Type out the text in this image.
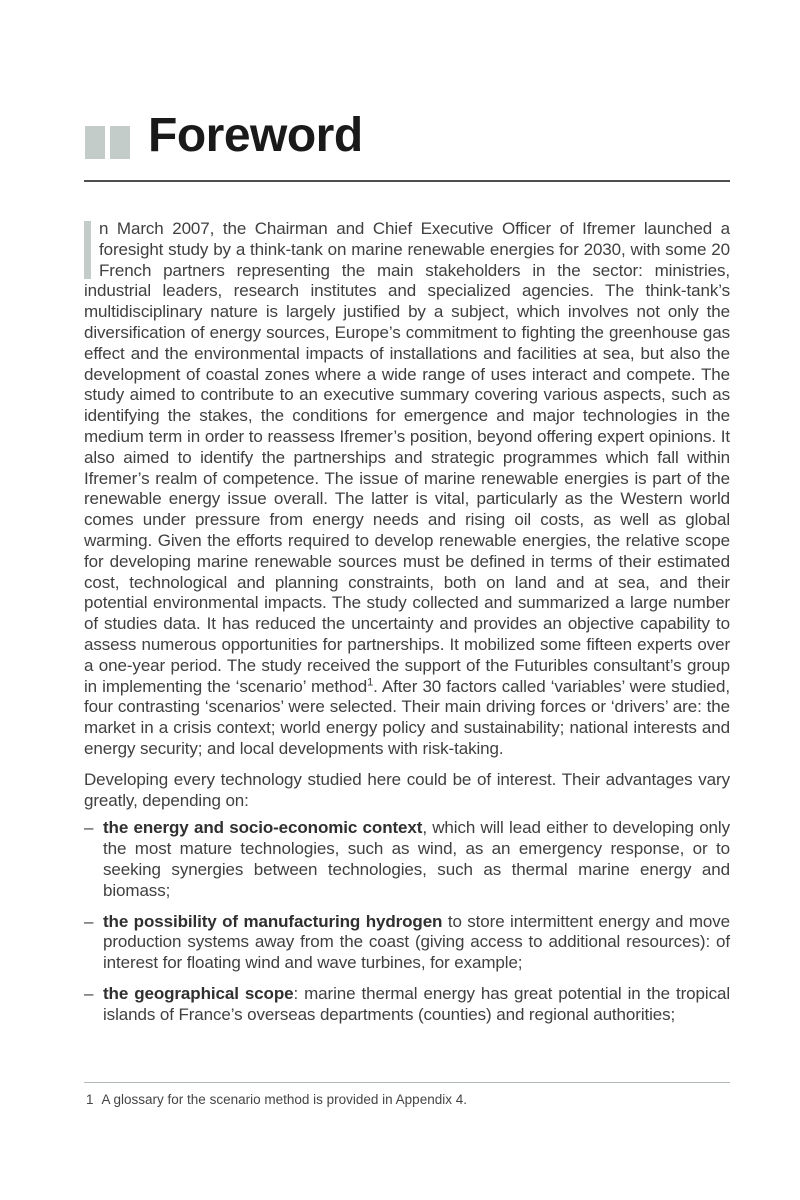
Foreword

n March 2007, the Chairman and Chief Executive Officer of Ifremer launched a foresight study by a think-tank on marine renewable energies for 2030, with some 20 French partners representing the main stakeholders in the sector: ministries, industrial leaders, research institutes and specialized agencies. The think-tank’s multidisciplinary nature is largely justified by a subject, which involves not only the diversification of energy sources, Europe’s commitment to fighting the greenhouse gas effect and the environmental impacts of installations and facilities at sea, but also the development of coastal zones where a wide range of uses interact and compete. The study aimed to contribute to an executive summary covering various aspects, such as identifying the stakes, the conditions for emergence and major technologies in the medium term in order to reassess Ifremer’s position, beyond offering expert opinions. It also aimed to identify the partnerships and strategic programmes which fall within Ifremer’s realm of competence. The issue of marine renewable energies is part of the renewable energy issue overall. The latter is vital, particularly as the Western world comes under pressure from energy needs and rising oil costs, as well as global warming. Given the efforts required to develop renewable energies, the relative scope for developing marine renewable sources must be defined in terms of their estimated cost, technological and planning constraints, both on land and at sea, and their potential environmental impacts. The study collected and summarized a large number of studies data. It has reduced the uncertainty and provides an objective capability to assess numerous opportunities for partnerships. It mobilized some fifteen experts over a one-year period. The study received the support of the Futuribles consultant’s group in implementing the ‘scenario’ method$^1$. After 30 factors called ‘variables’ were studied, four contrasting ‘scenarios’ were selected. Their main driving forces or ‘drivers’ are: the market in a crisis context; world energy policy and sustainability; national interests and energy security; and local developments with risk-taking.

Developing every technology studied here could be of interest. Their advantages vary greatly, depending on:

– the energy and socio-economic context, which will lead either to developing only the most mature technologies, such as wind, as an emergency response, or to seeking synergies between technologies, such as thermal marine energy and biomass;

– the possibility of manufacturing hydrogen to store intermittent energy and move production systems away from the coast (giving access to additional resources): of interest for floating wind and wave turbines, for example;

– the geographical scope: marine thermal energy has great potential in the tropical islands of France’s overseas departments (counties) and regional authorities;

1 A glossary for the scenario method is provided in Appendix 4.
